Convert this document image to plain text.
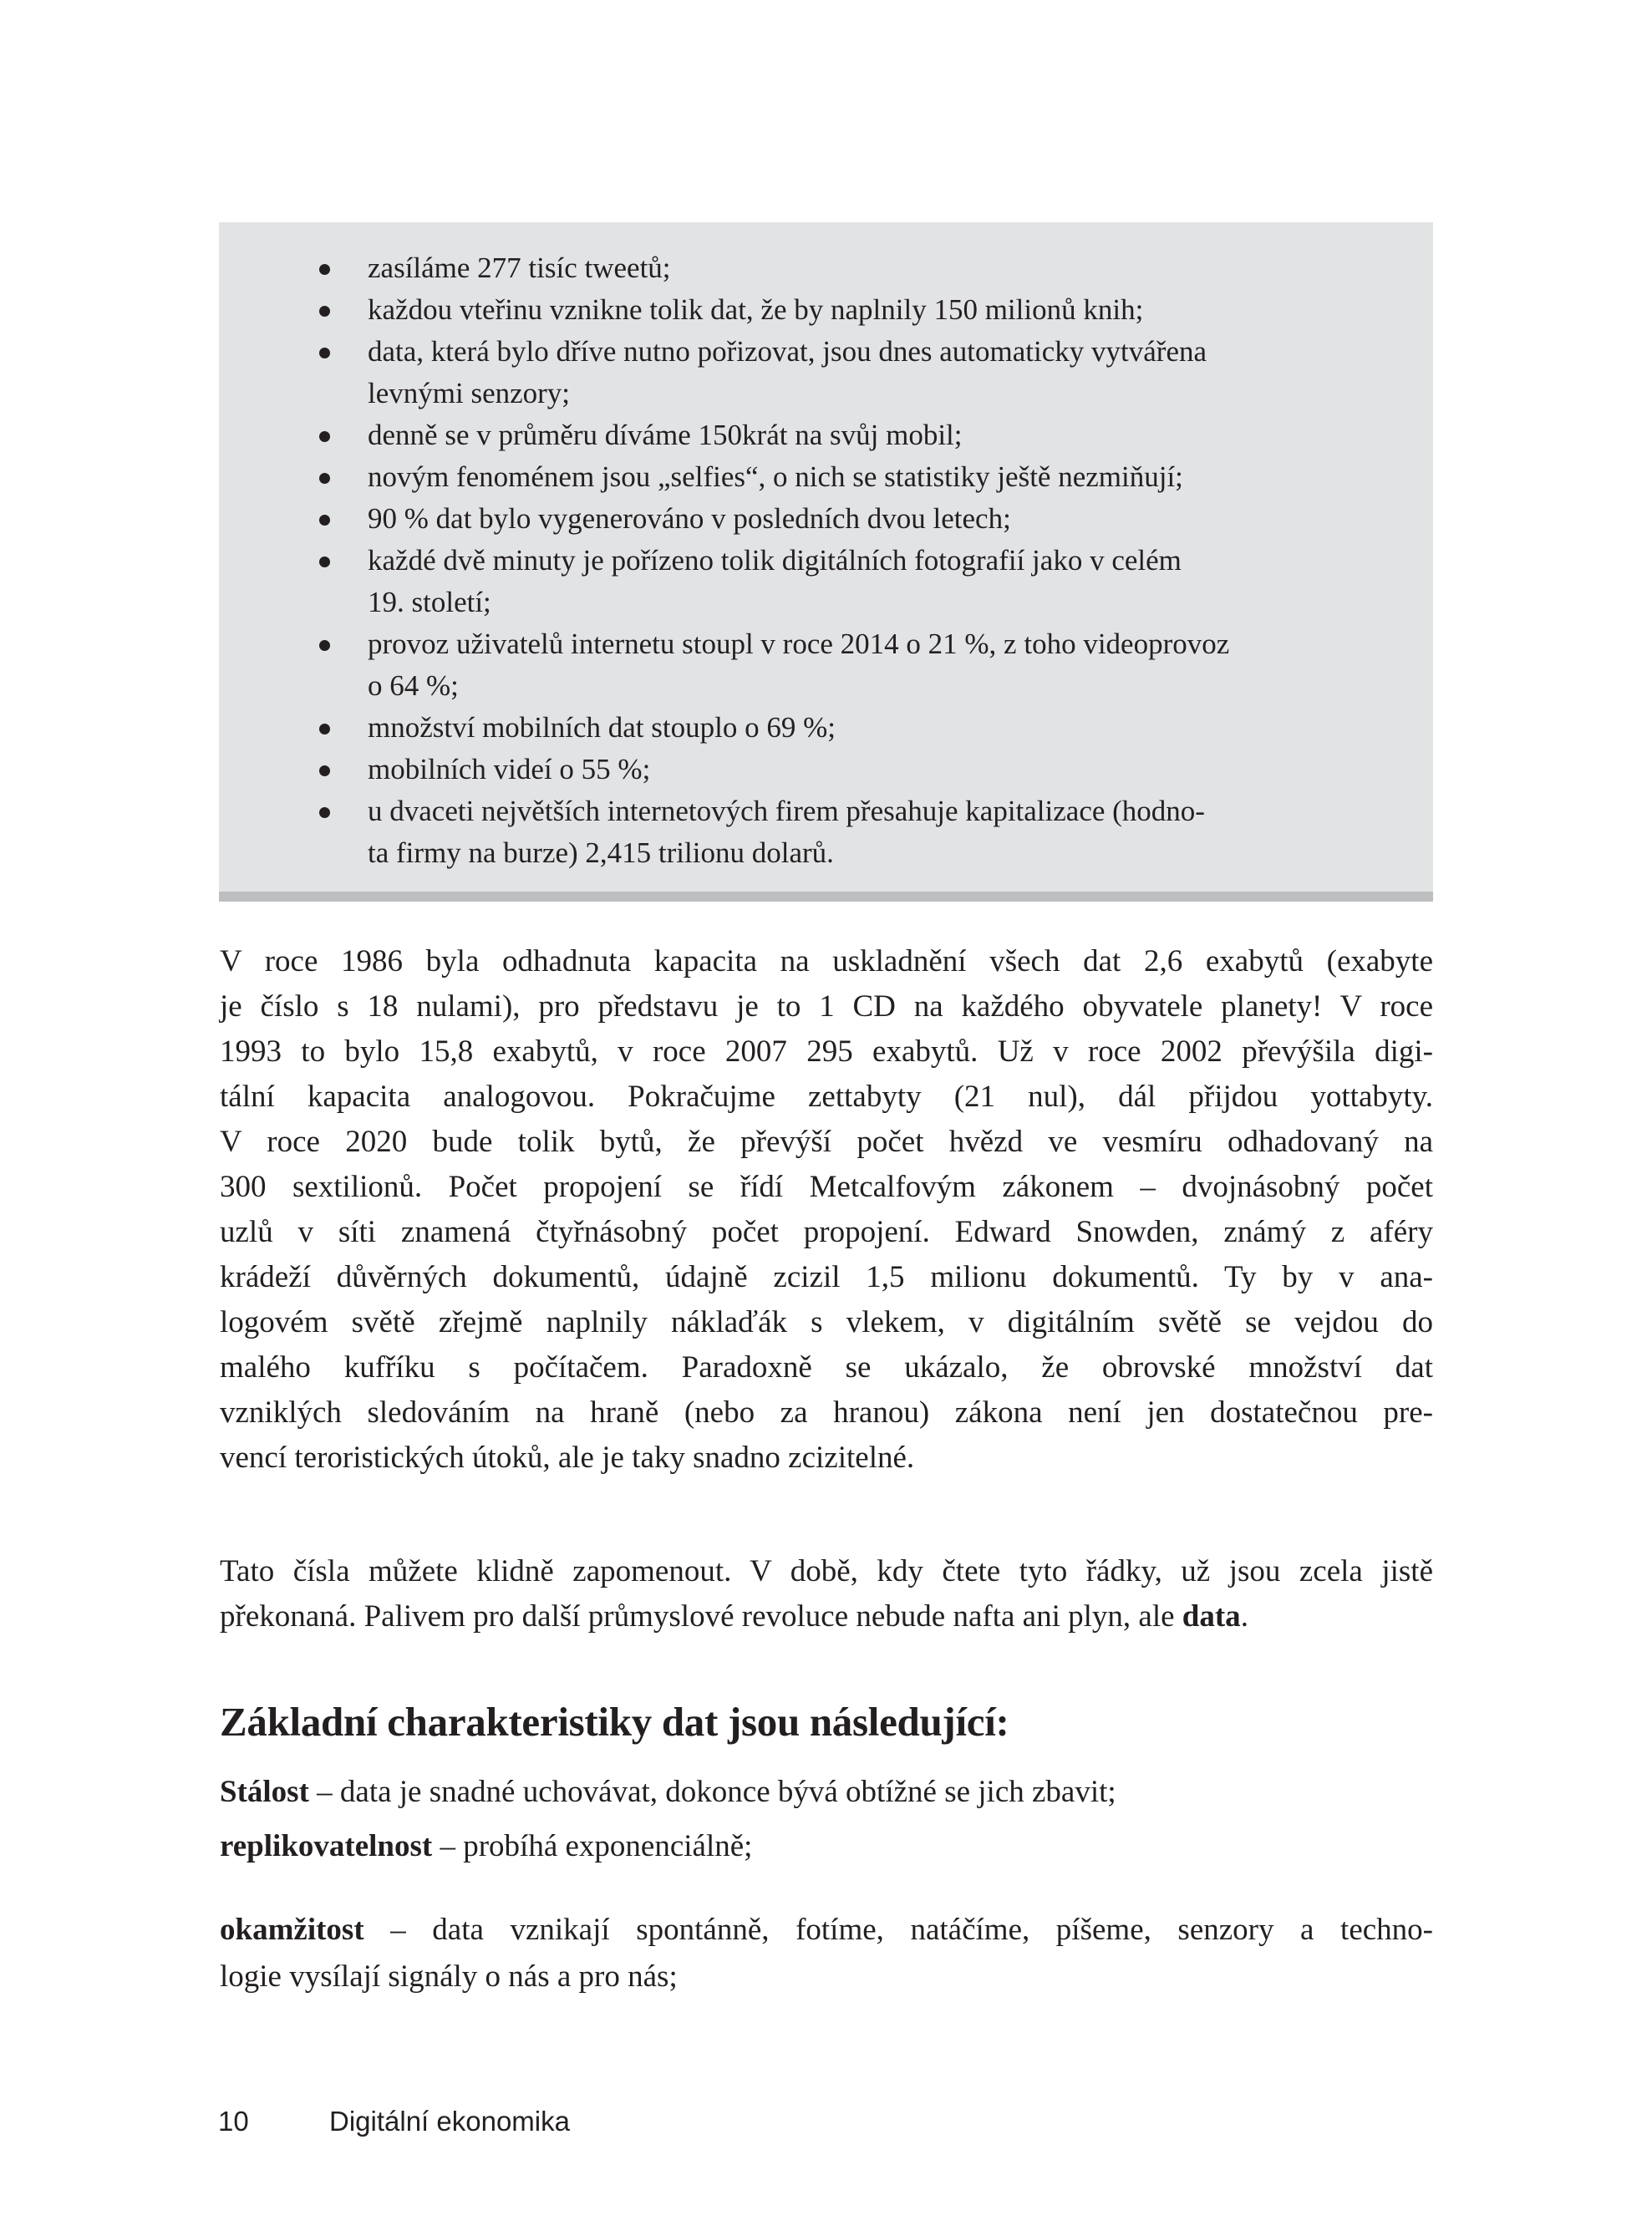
zasíláme 277 tisíc tweetů;
každou vteřinu vznikne tolik dat, že by naplnily 150 milionů knih;
data, která bylo dříve nutno pořizovat, jsou dnes automaticky vytvářena
levnými senzory;
denně se v průměru díváme 150krát na svůj mobil;
novým fenoménem jsou „selfies“, o nich se statistiky ještě nezmiňují;
90 % dat bylo vygenerováno v posledních dvou letech;
každé dvě minuty je pořízeno tolik digitálních fotografií jako v celém
19. století;
provoz uživatelů internetu stoupl v roce 2014 o 21 %, z toho videoprovoz
o 64 %;
množství mobilních dat stouplo o 69 %;
mobilních videí o 55 %;
u dvaceti největších internetových firem přesahuje kapitalizace (hodno-
ta firmy na burze) 2,415 trilionu dolarů.
V roce 1986 byla odhadnuta kapacita na uskladnění všech dat 2,6 exabytů (exabyte
je číslo s 18 nulami), pro představu je to 1 CD na každého obyvatele planety! V roce
1993 to bylo 15,8 exabytů, v roce 2007 295 exabytů. Už v roce 2002 převýšila digi-
tální kapacita analogovou. Pokračujme zettabyty (21 nul), dál přijdou yottabyty.
V roce 2020 bude tolik bytů, že převýší počet hvězd ve vesmíru odhadovaný na
300 sextilionů. Počet propojení se řídí Metcalfovým zákonem – dvojnásobný počet
uzlů v síti znamená čtyřnásobný počet propojení. Edward Snowden, známý z aféry
krádeží důvěrných dokumentů, údajně zcizil 1,5 milionu dokumentů. Ty by v ana-
logovém světě zřejmě naplnily náklaďák s vlekem, v digitálním světě se vejdou do
malého kufříku s počítačem. Paradoxně se ukázalo, že obrovské množství dat
vzniklých sledováním na hraně (nebo za hranou) zákona není jen dostatečnou pre-
vencí teroristických útoků, ale je taky snadno zcizitelné.
Tato čísla můžete klidně zapomenout. V době, kdy čtete tyto řádky, už jsou zcela jistě
překonaná. Palivem pro další průmyslové revoluce nebude nafta ani plyn, ale data.
Základní charakteristiky dat jsou následující:
Stálost – data je snadné uchovávat, dokonce bývá obtížné se jich zbavit;
replikovatelnost – probíhá exponenciálně;
okamžitost – data vznikají spontánně, fotíme, natáčíme, píšeme, senzory a techno-
logie vysílají signály o nás a pro nás;
10	Digitální ekonomika
